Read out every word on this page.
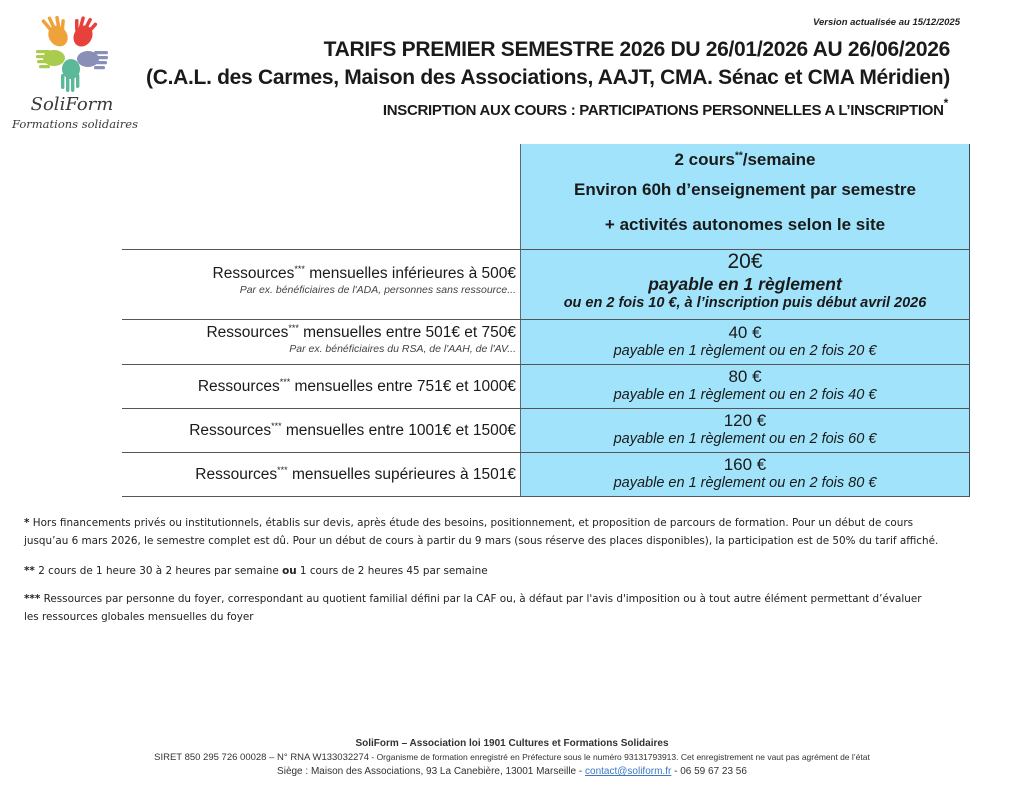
SoliForm
Formations solidaires
Version actualisée au 15/12/2025
TARIFS PREMIER SEMESTRE 2026 DU 26/01/2026 AU 26/06/2026
(C.A.L. des Carmes, Maison des Associations, AAJT, CMA. Sénac et CMA Méridien)
INSCRIPTION AUX COURS : PARTICIPATIONS PERSONNELLES A L’INSCRIPTION*
2 cours**/semaine
Environ 60h d’enseignement par semestre
+ activités autonomes selon le site
Ressources*** mensuelles inférieures à 500€
Par ex. bénéficiaires de l'ADA, personnes sans ressource...
20€
payable en 1 règlement
ou en 2 fois 10 €, à l’inscription puis début avril 2026
Ressources*** mensuelles entre 501€ et 750€
Par ex. bénéficiaires du RSA, de l'AAH, de l'AV...
40 €
payable en 1 règlement ou en 2 fois 20 €
Ressources*** mensuelles entre 751€ et 1000€
80 €
payable en 1 règlement ou en 2 fois 40 €
Ressources*** mensuelles entre 1001€ et 1500€
120 €
payable en 1 règlement ou en 2 fois 60 €
Ressources*** mensuelles supérieures à 1501€
160 €
payable en 1 règlement ou en 2 fois 80 €
* Hors financements privés ou institutionnels, établis sur devis, après étude des besoins, positionnement, et proposition de parcours de formation. Pour un début de cours
jusqu’au 6 mars 2026, le semestre complet est dû. Pour un début de cours à partir du 9 mars (sous réserve des places disponibles), la participation est de 50% du tarif affiché.
** 2 cours de 1 heure 30 à 2 heures par semaine ou 1 cours de 2 heures 45 par semaine
*** Ressources par personne du foyer, correspondant au quotient familial défini par la CAF ou, à défaut par l'avis d'imposition ou à tout autre élément permettant d’évaluer
les ressources globales mensuelles du foyer
SoliForm – Association loi 1901 Cultures et Formations Solidaires
SIRET 850 295 726 00028 – N° RNA W133032274 - Organisme de formation enregistré en Préfecture sous le numéro 93131793913. Cet enregistrement ne vaut pas agrément de l’état
Siège : Maison des Associations, 93 La Canebière, 13001 Marseille - contact@soliform.fr - 06 59 67 23 56
